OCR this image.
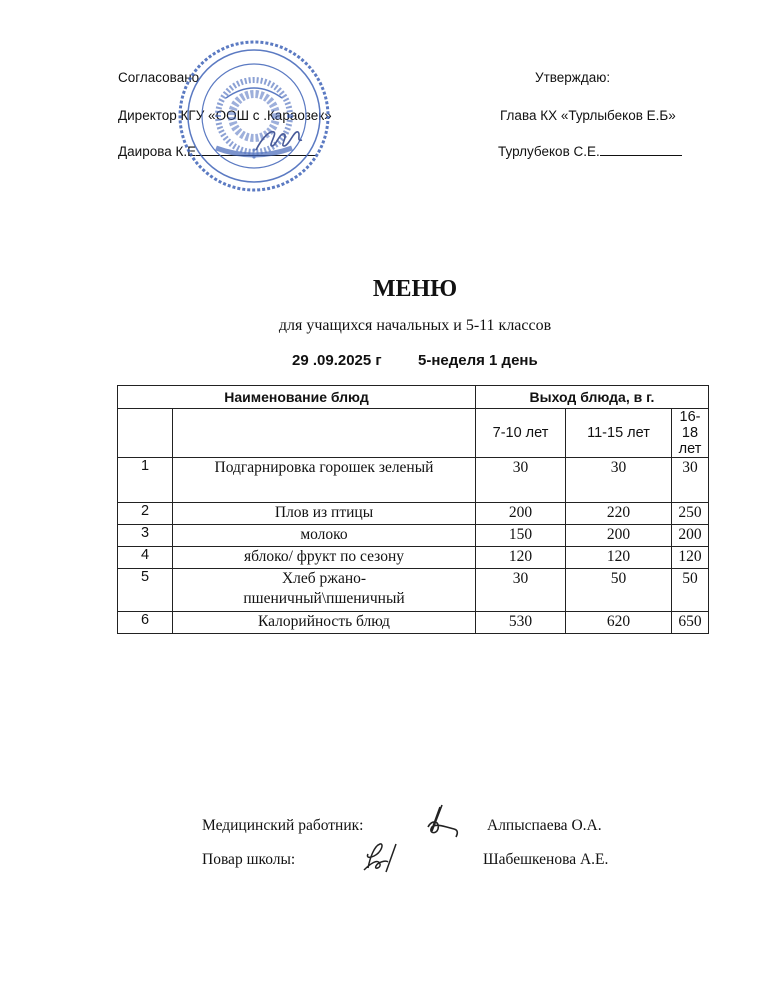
Согласовано
Директор КГУ «ООШ с .Караозек»
Даирова К.Е
Утверждаю:
Глава КХ «Турлыбеков Е.Б»
Турлубеков С.Е.
МЕНЮ
для учащихся начальных и 5-11 классов
29 .09.2025 г 5-неделя 1 день
Наименование блюд		Выход блюда, в г.		
		7-10 лет	11-15 лет	16-18 лет
1	Подгарнировка горошек зеленый	30	30	30
2	Плов из птицы	200	220	250
3	молоко	150	200	200
4	яблоко/ фрукт по сезону	120	120	120
5	Хлеб ржано-пшеничный\пшеничный	30	50	50
6	Калорийность блюд	530	620	650
Медицинский работник:	Алпыспаева О.А.
Повар школы:	Шабешкенова А.Е.
